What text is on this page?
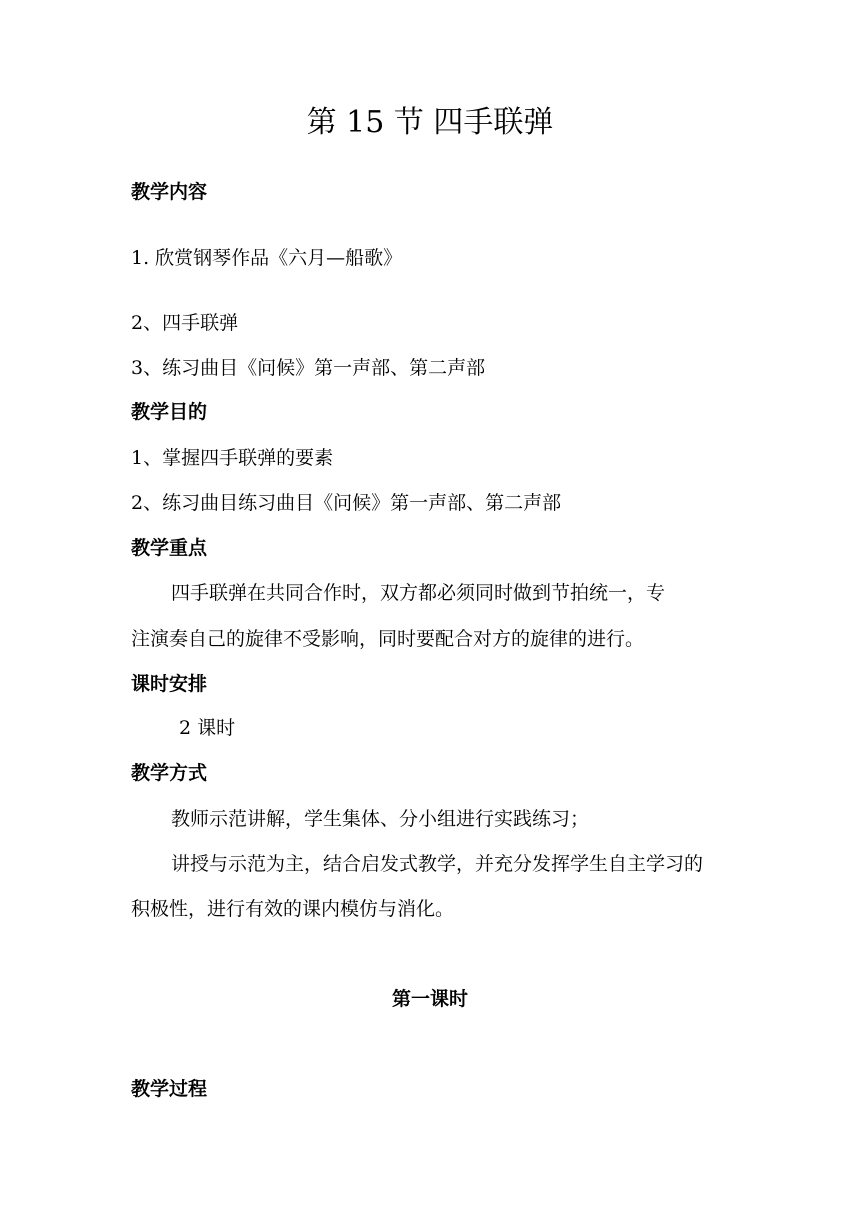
第 15 节 四手联弹
教学内容
1. 欣赏钢琴作品《六月—船歌》
2、四手联弹
3、练习曲目《问候》第一声部、第二声部
教学目的
1、掌握四手联弹的要素
2、练习曲目练习曲目《问候》第一声部、第二声部
教学重点
四手联弹在共同合作时，双方都必须同时做到节拍统一，专
注演奏自己的旋律不受影响，同时要配合对方的旋律的进行。
课时安排
2 课时
教学方式
教师示范讲解，学生集体、分小组进行实践练习；
讲授与示范为主，结合启发式教学，并充分发挥学生自主学习的
积极性，进行有效的课内模仿与消化。
第一课时
教学过程
